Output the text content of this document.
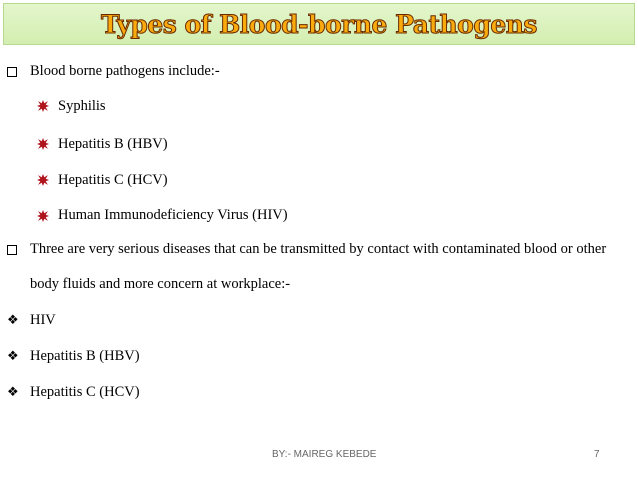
Types of Blood-borne Pathogens
Blood borne pathogens include:-
Syphilis
Hepatitis B (HBV)
Hepatitis C (HCV)
Human Immunodeficiency Virus (HIV)
Three are very serious diseases that can be transmitted by contact with contaminated blood or other
body fluids and more concern at workplace:-
❖ HIV
❖ Hepatitis B (HBV)
❖ Hepatitis C (HCV)
BY:- MAIREG KEBEDE	7
